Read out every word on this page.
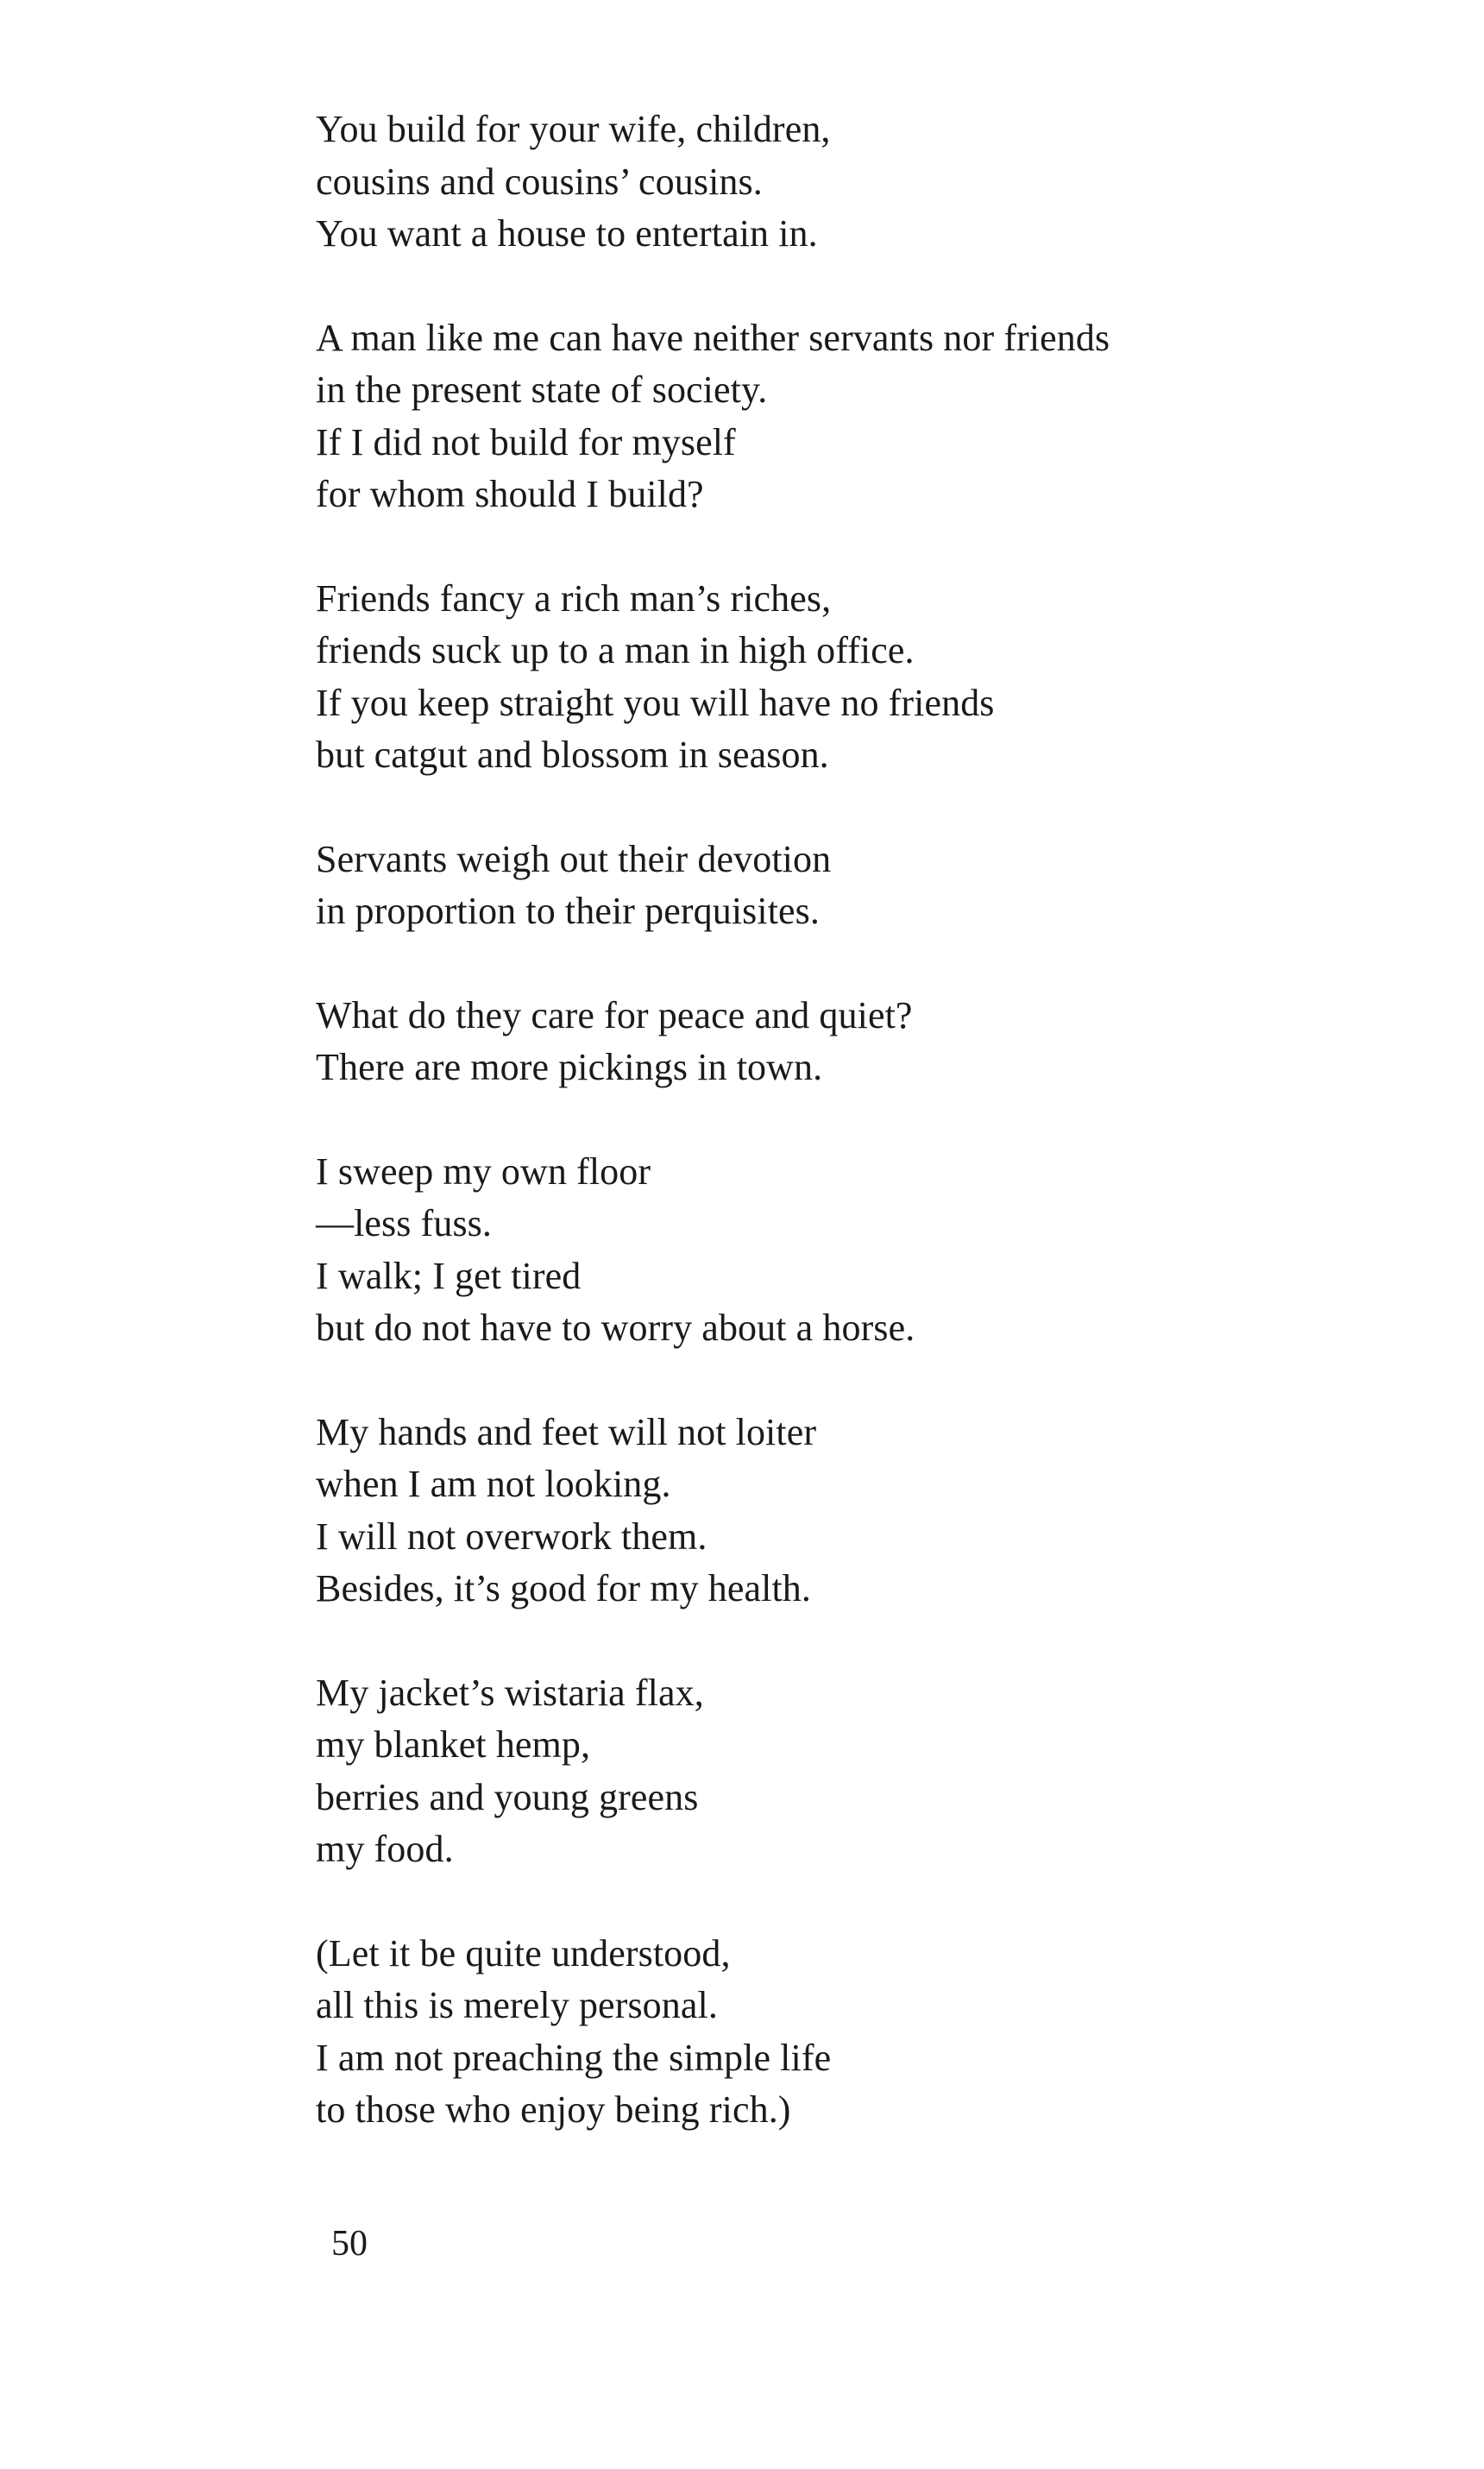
You build for your wife, children,
cousins and cousins’ cousins.
You want a house to entertain in.
A man like me can have neither servants nor friends
in the present state of society.
If I did not build for myself
for whom should I build?
Friends fancy a rich man’s riches,
friends suck up to a man in high office.
If you keep straight you will have no friends
but catgut and blossom in season.
Servants weigh out their devotion
in proportion to their perquisites.
What do they care for peace and quiet?
There are more pickings in town.
I sweep my own floor
—less fuss.
I walk; I get tired
but do not have to worry about a horse.
My hands and feet will not loiter
when I am not looking.
I will not overwork them.
Besides, it’s good for my health.
My jacket’s wistaria flax,
my blanket hemp,
berries and young greens
my food.
(Let it be quite understood,
all this is merely personal.
I am not preaching the simple life
to those who enjoy being rich.)
50
